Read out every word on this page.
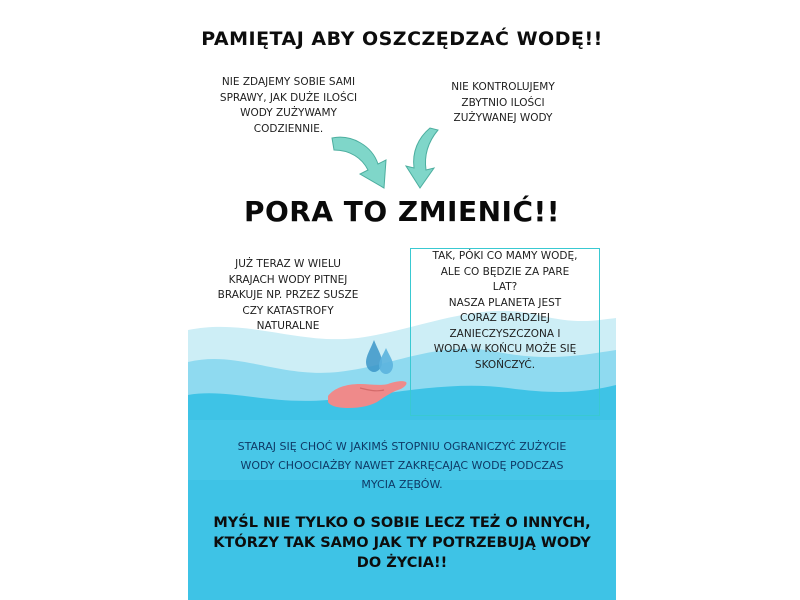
PAMIĘTAJ ABY OSZCZĘDZAĆ WODĘ!!
NIE ZDAJEMY SOBIE SAMI
SPRAWY, JAK DUŻE ILOŚCI
WODY ZUŻYWAMY
CODZIENNIE.
NIE KONTROLUJEMY
ZBYTNIO ILOŚCI
ZUŻYWANEJ WODY
PORA TO ZMIENIĆ!!
JUŻ TERAZ W WIELU
KRAJACH WODY PITNEJ
BRAKUJE NP. PRZEZ SUSZE
CZY KATASTROFY
NATURALNE
TAK, PÓKI CO MAMY WODĘ,
ALE CO BĘDZIE ZA PARE
LAT?
NASZA PLANETA JEST
CORAZ BARDZIEJ
ZANIECZYSZCZONA I
WODA W KOŃCU MOŻE SIĘ
SKOŃCZYĆ.
STARAJ SIĘ CHOĆ W JAKIMŚ STOPNIU OGRANICZYĆ ZUŻYCIE
WODY CHOOCIAŻBY NAWET ZAKRĘCAJĄC WODĘ PODCZAS
MYCIA ZĘBÓW.
MYŚL NIE TYLKO O SOBIE LECZ TEŻ O INNYCH,
KTÓRZY TAK SAMO JAK TY POTRZEBUJĄ WODY
DO ŻYCIA!!
